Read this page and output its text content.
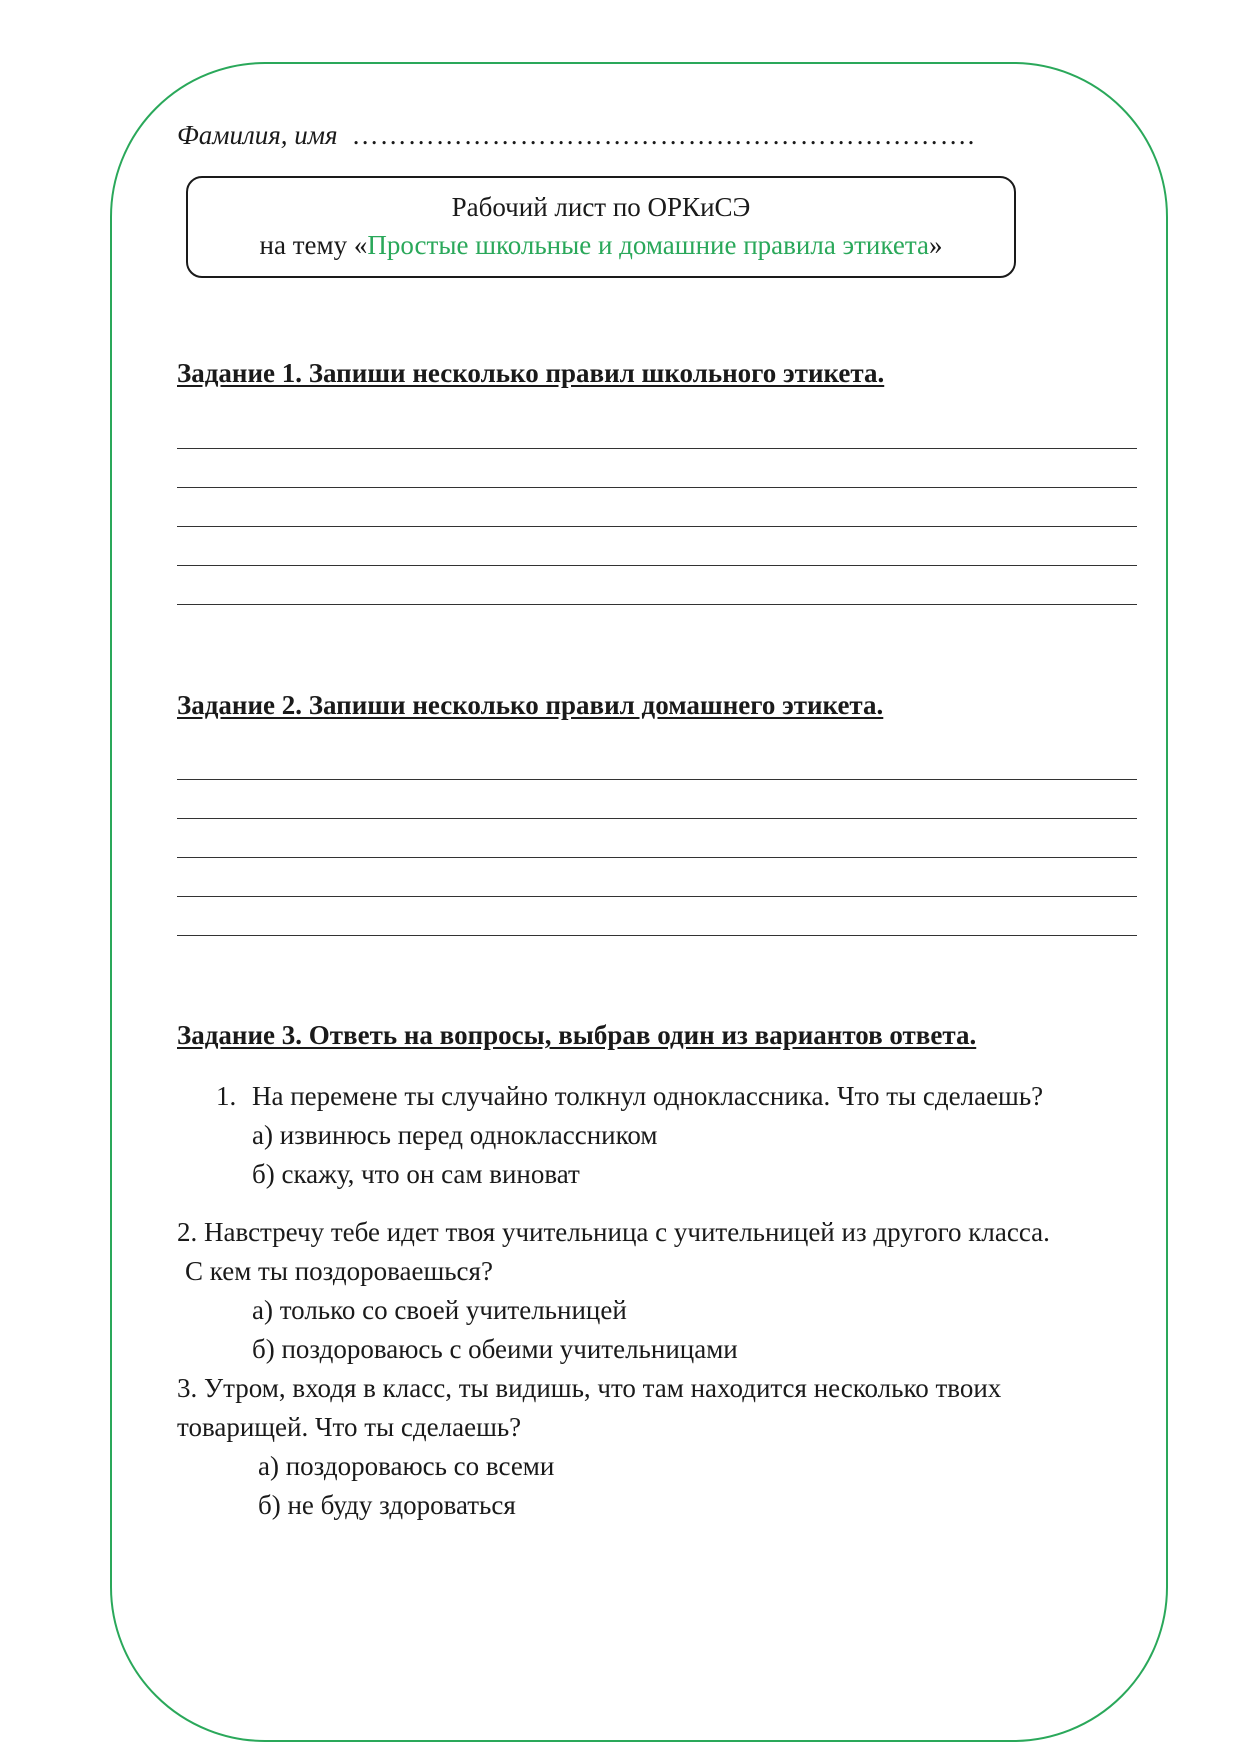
Фамилия, имя ………………………………………………………….
Рабочий лист по ОРКиСЭ
на тему «Простые школьные и домашние правила этикета»
Задание 1. Запиши несколько правил школьного этикета.
Задание 2. Запиши несколько правил домашнего этикета.
Задание 3. Ответь на вопросы, выбрав один из вариантов ответа.
1. На перемене ты случайно толкнул одноклассника. Что ты сделаешь?
а) извинюсь перед одноклассником
б) скажу, что он сам виноват
2. Навстречу тебе идет твоя учительница с учительницей из другого класса.
С кем ты поздороваешься?
а) только со своей учительницей
б) поздороваюсь с обеими учительницами
3. Утром, входя в класс, ты видишь, что там находится несколько твоих
товарищей. Что ты сделаешь?
а) поздороваюсь со всеми
б) не буду здороваться
